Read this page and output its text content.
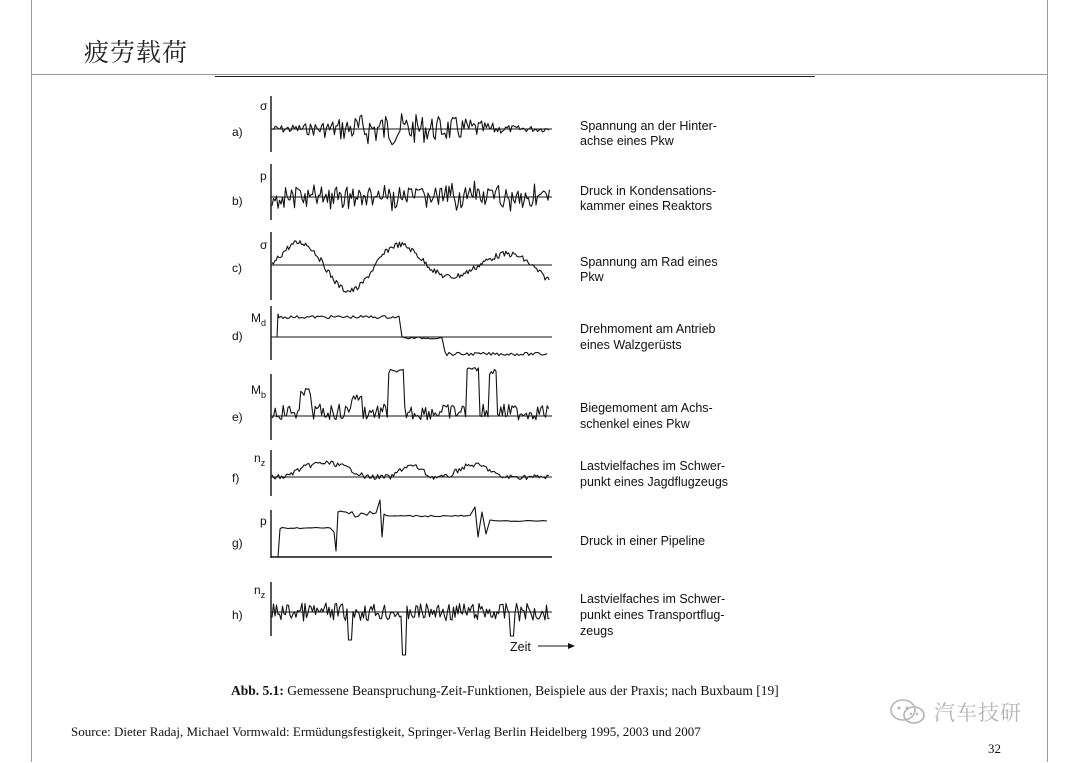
疲劳载荷
a)
σ
Spannung an der Hinter-
achse eines Pkw
b)
p
Druck in Kondensations-
kammer eines Reaktors
c)
σ
Spannung am Rad eines
Pkw
d)
$M_d$	Drehmoment am Antrieb
eines Walzgerüsts
e)
$M_b$
Biegemoment am Achs-
schenkel eines Pkw
f)
$n_z$	Lastvielfaches im Schwer-
punkt eines Jagdflugzeugs
g)
p
Druck in einer Pipeline
h)
$n_z$	Lastvielfaches im Schwer-
punkt eines Transportflug-
zeugs
Zeit
Abb. 5.1: Gemessene Beanspruchung-Zeit-Funktionen, Beispiele aus der Praxis; nach Buxbaum [19]
Source: Dieter Radaj, Michael Vormwald: Ermüdungsfestigkeit, Springer-Verlag Berlin Heidelberg 1995, 2003 und 2007
汽车技研
32
